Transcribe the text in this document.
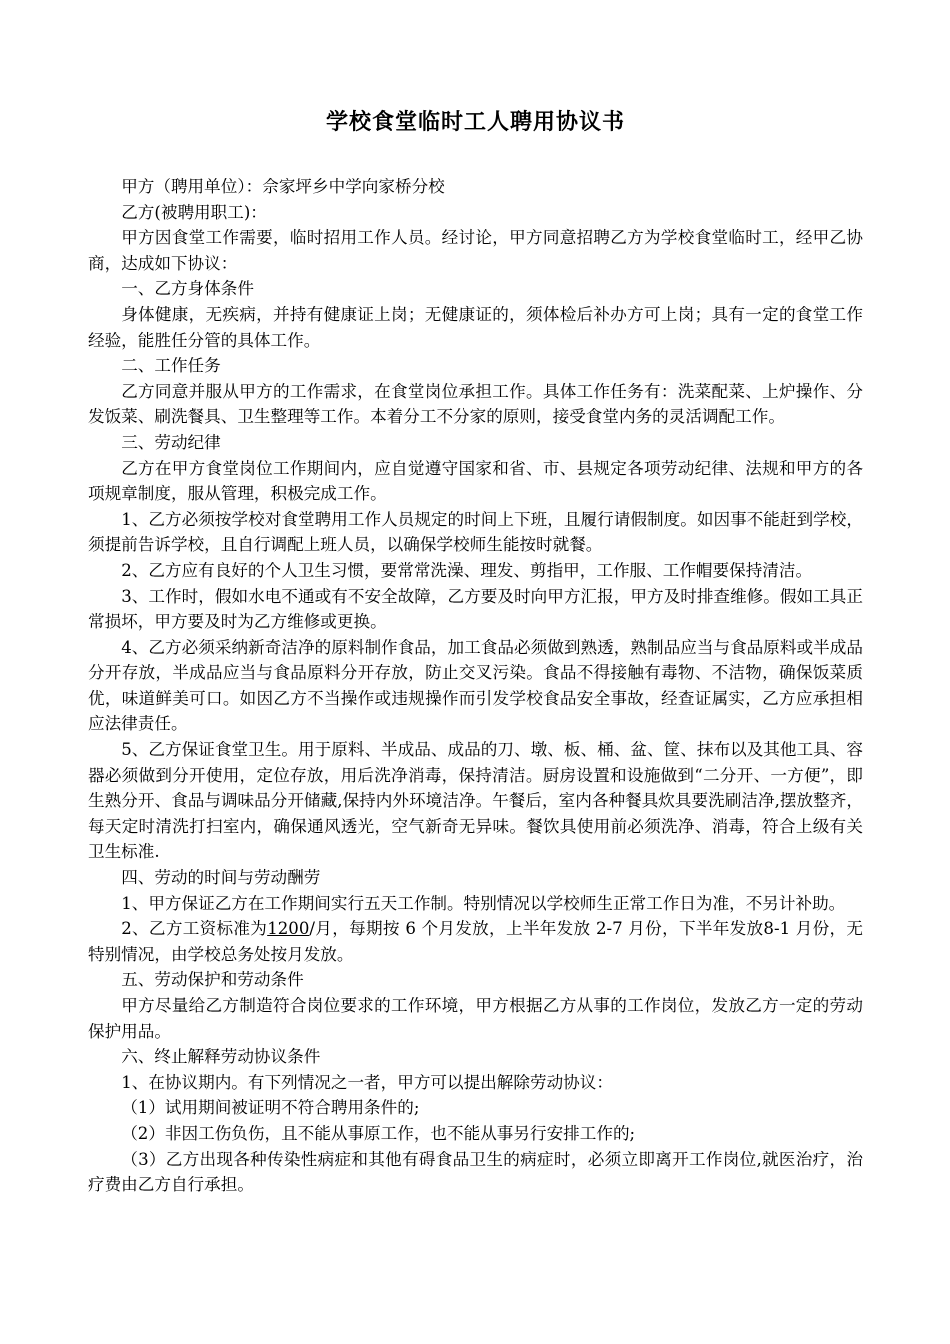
学校食堂临时工人聘用协议书

甲方（聘用单位）：佘家坪乡中学向家桥分校

乙方(被聘用职工)：

甲方因食堂工作需要，临时招用工作人员。经讨论，甲方同意招聘乙方为学校食堂临时工，经甲乙协商，达成如下协议：

一、乙方身体条件

身体健康，无疾病，并持有健康证上岗；无健康证的，须体检后补办方可上岗；具有一定的食堂工作经验，能胜任分管的具体工作。

二、工作任务

乙方同意并服从甲方的工作需求，在食堂岗位承担工作。具体工作任务有：洗菜配菜、上炉操作、分发饭菜、刷洗餐具、卫生整理等工作。本着分工不分家的原则，接受食堂内务的灵活调配工作。

三、劳动纪律

乙方在甲方食堂岗位工作期间内，应自觉遵守国家和省、市、县规定各项劳动纪律、法规和甲方的各项规章制度，服从管理，积极完成工作。

1、乙方必须按学校对食堂聘用工作人员规定的时间上下班，且履行请假制度。如因事不能赶到学校，须提前告诉学校，且自行调配上班人员，以确保学校师生能按时就餐。

2、乙方应有良好的个人卫生习惯，要常常洗澡、理发、剪指甲，工作服、工作帽要保持清洁。

3、工作时，假如水电不通或有不安全故障，乙方要及时向甲方汇报，甲方及时排查维修。假如工具正常损坏，甲方要及时为乙方维修或更换。

4、乙方必须采纳新奇洁净的原料制作食品，加工食品必须做到熟透，熟制品应当与食品原料或半成品分开存放，半成品应当与食品原料分开存放，防止交叉污染。食品不得接触有毒物、不洁物，确保饭菜质优，味道鲜美可口。如因乙方不当操作或违规操作而引发学校食品安全事故，经查证属实，乙方应承担相应法律责任。

5、乙方保证食堂卫生。用于原料、半成品、成品的刀、墩、板、桶、盆、筐、抹布以及其他工具、容器必须做到分开使用，定位存放，用后洗净消毒，保持清洁。厨房设置和设施做到“二分开、一方便”，即生熟分开、食品与调味品分开储藏,保持内外环境洁净。午餐后，室内各种餐具炊具要洗刷洁净,摆放整齐，每天定时清洗打扫室内，确保通风透光，空气新奇无异味。餐饮具使用前必须洗净、消毒，符合上级有关卫生标准.

四、劳动的时间与劳动酬劳

1、甲方保证乙方在工作期间实行五天工作制。特别情况以学校师生正常工作日为准，不另计补助。

2、乙方工资标准为1200/月，每期按 6 个月发放，上半年发放 2-7 月份，下半年发放8-1 月份，无特别情况，由学校总务处按月发放。

五、劳动保护和劳动条件

甲方尽量给乙方制造符合岗位要求的工作环境，甲方根据乙方从事的工作岗位，发放乙方一定的劳动保护用品。

六、终止解释劳动协议条件

1、在协议期内。有下列情况之一者，甲方可以提出解除劳动协议：

（1）试用期间被证明不符合聘用条件的;

（2）非因工伤负伤，且不能从事原工作，也不能从事另行安排工作的;

（3）乙方出现各种传染性病症和其他有碍食品卫生的病症时，必须立即离开工作岗位,就医治疗，治疗费由乙方自行承担。
